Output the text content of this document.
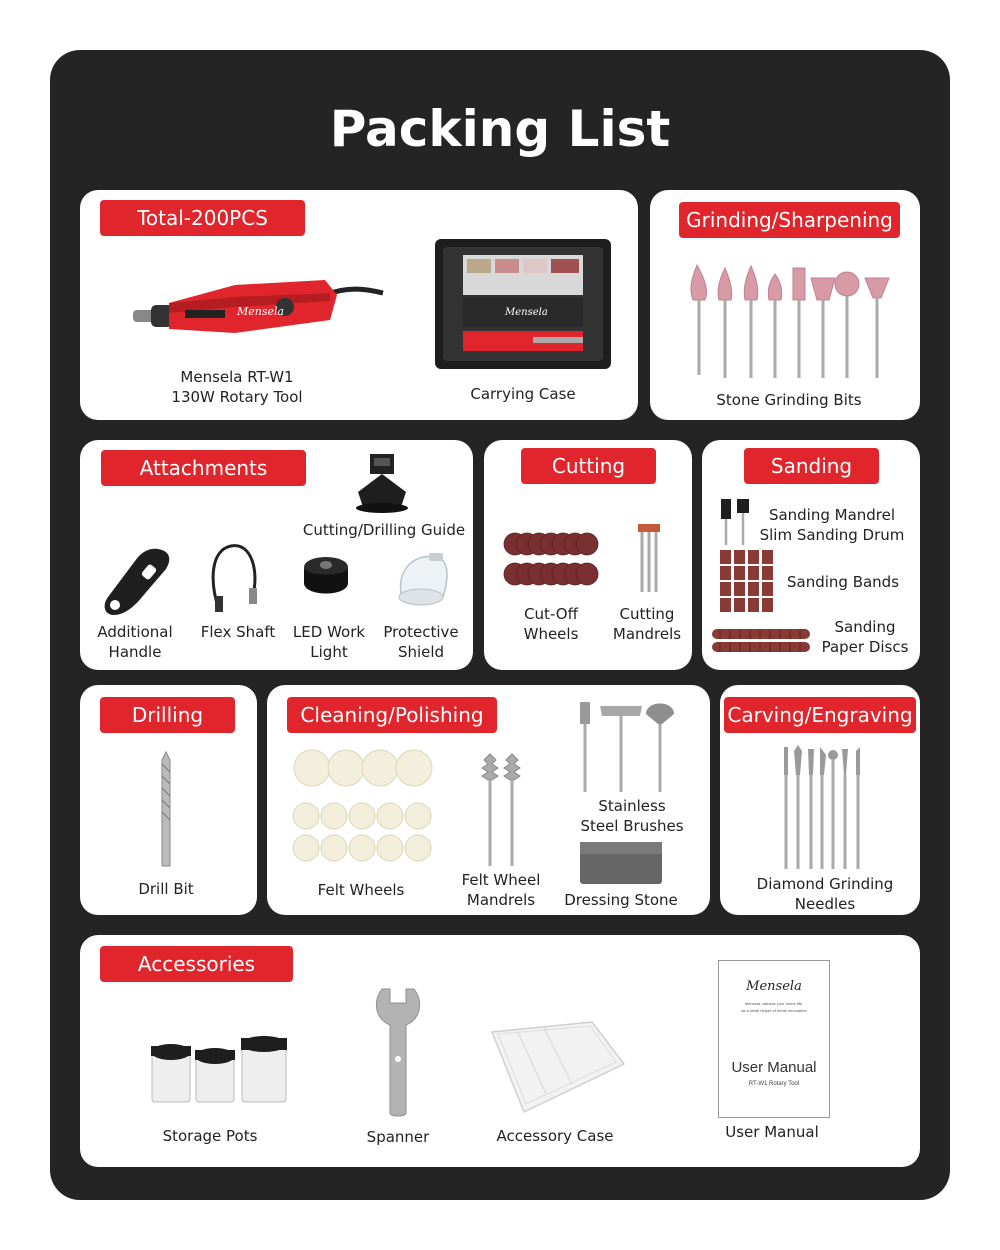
Packing List
Total-200PCS
Mensela
Mensela RT-W1
130W Rotary Tool
Mensela
Carrying Case
Grinding/Sharpening
Stone Grinding Bits
Attachments
Cutting/Drilling Guide
Additional
Handle
Flex Shaft	LED Work
Light
Protective
Shield
Cutting
Cut-Off
Wheels
Cutting
Mandrels
Sanding
Sanding Mandrel
Slim Sanding Drum
Sanding Bands
Sanding
Paper Discs
Drilling
Drill Bit
Cleaning/Polishing
Felt Wheels
Felt Wheel
Mandrels
Stainless
Steel Brushes
Dressing Stone
Carving/Engraving
Diamond Grinding
Needles
Accessories
Storage Pots	Spanner	Accessory Case
Mensela
Mensela, witness your home life,
as a small helper of home decoration
User Manual
RT-W1 Rotary Tool
User Manual
